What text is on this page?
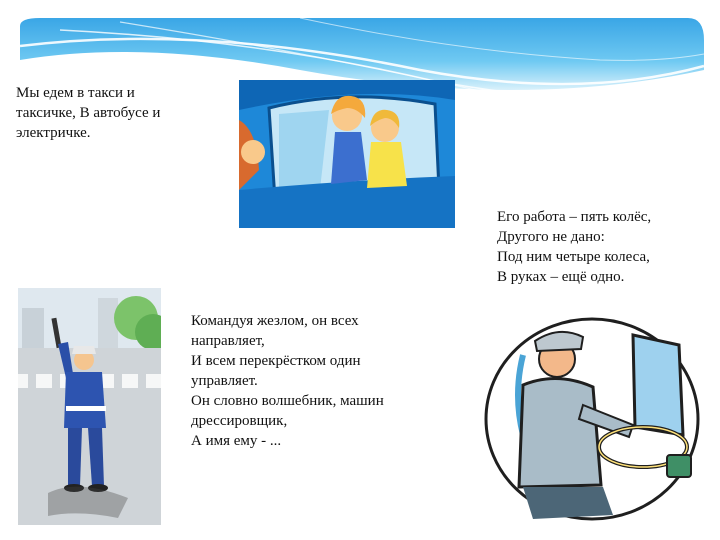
Мы едем в такси и
таксичке, В автобусе и
электричке.
Его работа – пять колёс,
Другого не дано:
Под ним четыре колеса,
В руках – ещё одно.
Командуя жезлом, он всех
направляет,
И всем перекрёстком один
управляет.
Он словно волшебник, машин
дрессировщик,
А имя ему - ...
